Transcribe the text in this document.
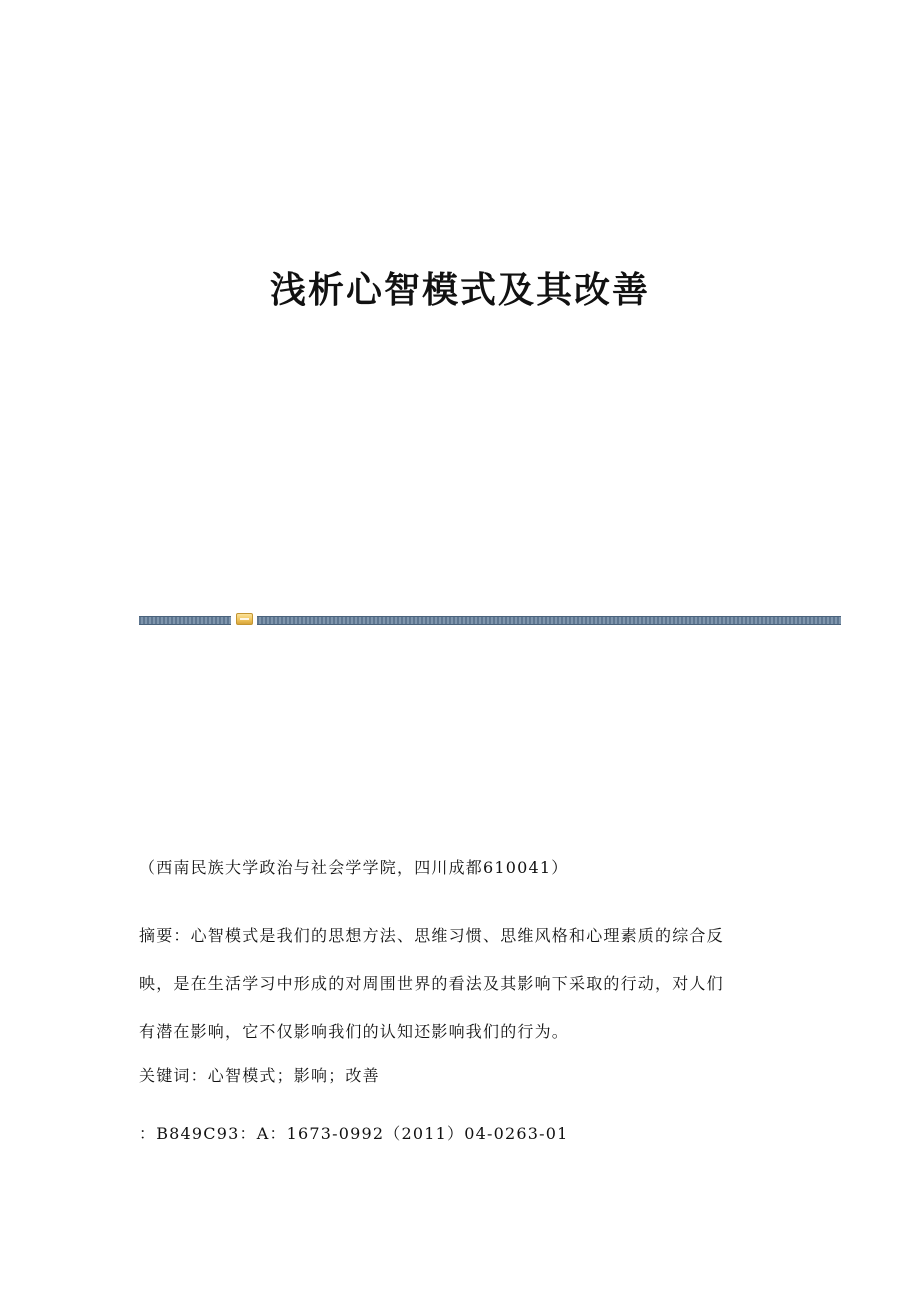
浅析心智模式及其改善

（西南民族大学政治与社会学学院，四川成都610041）

摘要：心智模式是我们的思想方法、思维习惯、思维风格和心理素质的综合反
映，是在生活学习中形成的对周围世界的看法及其影响下采取的行动，对人们
有潜在影响，它不仅影响我们的认知还影响我们的行为。

关键词：心智模式；影响；改善

：B849C93：A：1673-0992（2011）04-0263-01
